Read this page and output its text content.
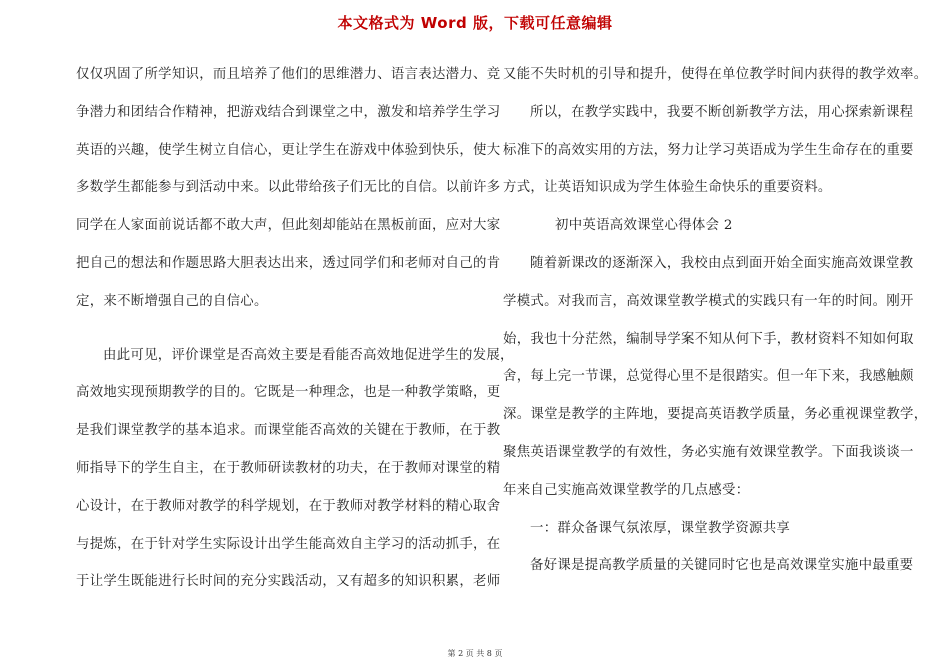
本文格式为 Word 版，下载可任意编辑
仅仅巩固了所学知识，而且培养了他们的思维潜力、语言表达潜力、竞
争潜力和团结合作精神，把游戏结合到课堂之中，激发和培养学生学习
英语的兴趣，使学生树立自信心，更让学生在游戏中体验到快乐，使大
多数学生都能参与到活动中来。以此带给孩子们无比的自信。以前许多
同学在人家面前说话都不敢大声，但此刻却能站在黑板前面，应对大家
把自己的想法和作题思路大胆表达出来，透过同学们和老师对自己的肯
定，来不断增强自己的自信心。
由此可见，评价课堂是否高效主要是看能否高效地促进学生的发展，
高效地实现预期教学的目的。它既是一种理念，也是一种教学策略，更
是我们课堂教学的基本追求。而课堂能否高效的关键在于教师，在于教
师指导下的学生自主，在于教师研读教材的功夫，在于教师对课堂的精
心设计，在于教师对教学的科学规划，在于教师对教学材料的精心取舍
与提炼，在于针对学生实际设计出学生能高效自主学习的活动抓手，在
于让学生既能进行长时间的充分实践活动，又有超多的知识积累，老师
又能不失时机的引导和提升，使得在单位教学时间内获得的教学效率。
所以，在教学实践中，我要不断创新教学方法，用心探索新课程
标准下的高效实用的方法，努力让学习英语成为学生生命存在的重要
方式，让英语知识成为学生体验生命快乐的重要资料。
初中英语高效课堂心得体会 2
随着新课改的逐渐深入，我校由点到面开始全面实施高效课堂教
学模式。对我而言，高效课堂教学模式的实践只有一年的时间。刚开
始，我也十分茫然，编制导学案不知从何下手，教材资料不知如何取
舍，每上完一节课，总觉得心里不是很踏实。但一年下来，我感触颇
深。课堂是教学的主阵地，要提高英语教学质量，务必重视课堂教学，
聚焦英语课堂教学的有效性，务必实施有效课堂教学。下面我谈谈一
年来自己实施高效课堂教学的几点感受：
一：群众备课气氛浓厚，课堂教学资源共享
备好课是提高教学质量的关键同时它也是高效课堂实施中最重要
第 2 页 共 8 页
